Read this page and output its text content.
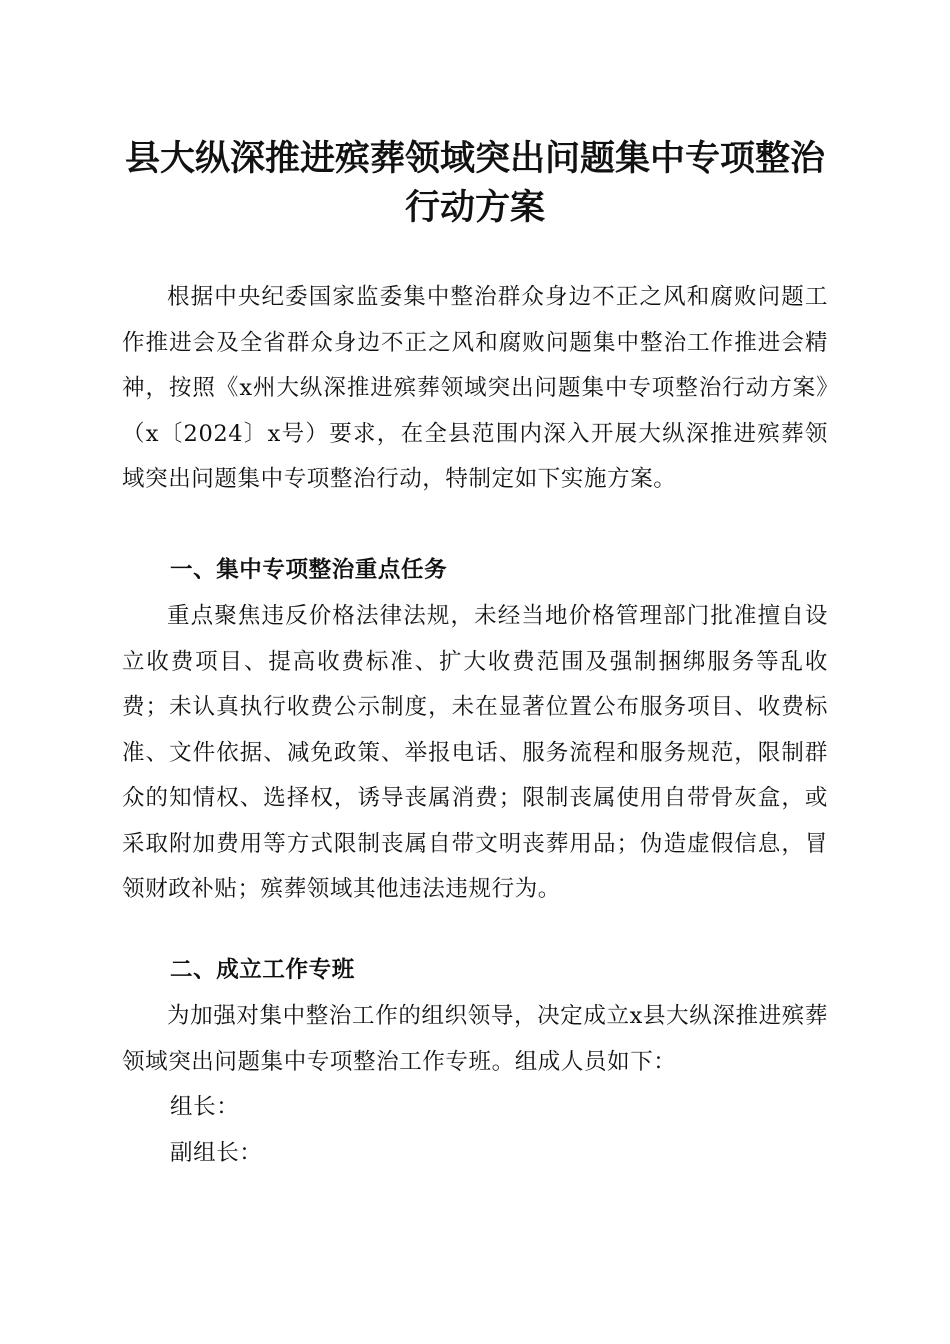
县大纵深推进殡葬领域突出问题集中专项整治
行动方案

根据中央纪委国家监委集中整治群众身边不正之风和腐败问题工作推进会及全省群众身边不正之风和腐败问题集中整治工作推进会精神，按照《x州大纵深推进殡葬领域突出问题集中专项整治行动方案》（x〔2024〕x号）要求，在全县范围内深入开展大纵深推进殡葬领域突出问题集中专项整治行动，特制定如下实施方案。

一、集中专项整治重点任务

重点聚焦违反价格法律法规，未经当地价格管理部门批准擅自设立收费项目、提高收费标准、扩大收费范围及强制捆绑服务等乱收费；未认真执行收费公示制度，未在显著位置公布服务项目、收费标准、文件依据、减免政策、举报电话、服务流程和服务规范，限制群众的知情权、选择权，诱导丧属消费；限制丧属使用自带骨灰盒，或采取附加费用等方式限制丧属自带文明丧葬用品；伪造虚假信息，冒领财政补贴；殡葬领域其他违法违规行为。

二、成立工作专班

为加强对集中整治工作的组织领导，决定成立x县大纵深推进殡葬领域突出问题集中专项整治工作专班。组成人员如下：

组长：

副组长：
